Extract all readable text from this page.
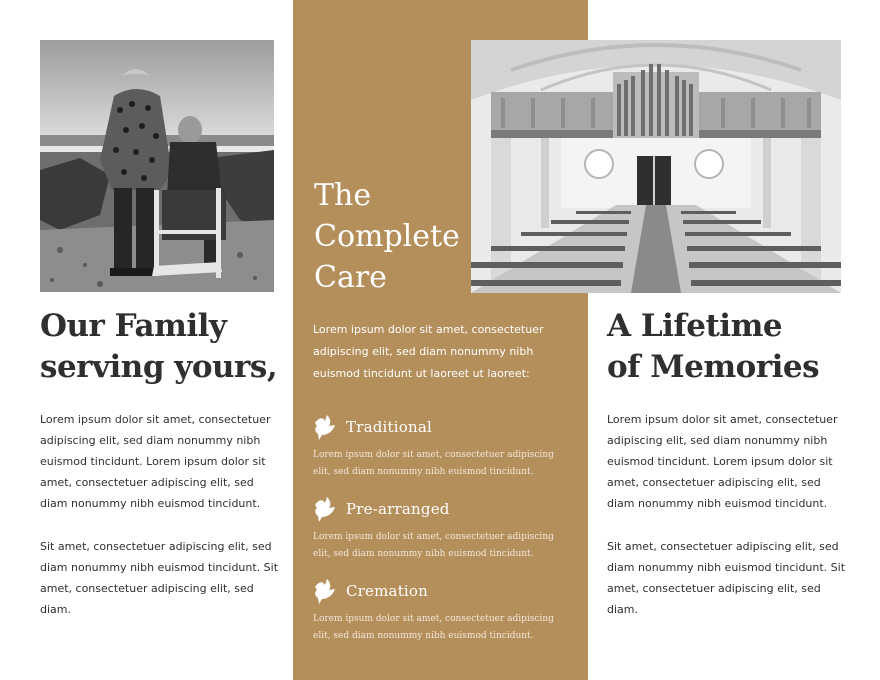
Our Family
serving yours,

Lorem ipsum dolor sit amet, consectetuer adipiscing elit, sed diam nonummy nibh euismod tincidunt. Lorem ipsum dolor sit amet, consectetuer adipiscing elit, sed diam nonummy nibh euismod tincidunt.

Sit amet, consectetuer adipiscing elit, sed diam nonummy nibh euismod tincidunt. Sit amet, consectetuer adipiscing elit, sed diam.

The
Complete
Care

Lorem ipsum dolor sit amet, consectetuer adipiscing elit, sed diam nonummy nibh euismod tincidunt ut laoreet ut laoreet:

Traditional

Lorem ipsum dolor sit amet, consectetuer adipiscing elit, sed diam nonummy nibh euismod tincidunt.

Pre-arranged

Lorem ipsum dolor sit amet, consectetuer adipiscing elit, sed diam nonummy nibh euismod tincidunt.

Cremation

Lorem ipsum dolor sit amet, consectetuer adipiscing elit, sed diam nonummy nibh euismod tincidunt.

A Lifetime
of Memories

Lorem ipsum dolor sit amet, consectetuer adipiscing elit, sed diam nonummy nibh euismod tincidunt. Lorem ipsum dolor sit amet, consectetuer adipiscing elit, sed diam nonummy nibh euismod tincidunt.

Sit amet, consectetuer adipiscing elit, sed diam nonummy nibh euismod tincidunt. Sit amet, consectetuer adipiscing elit, sed diam.
